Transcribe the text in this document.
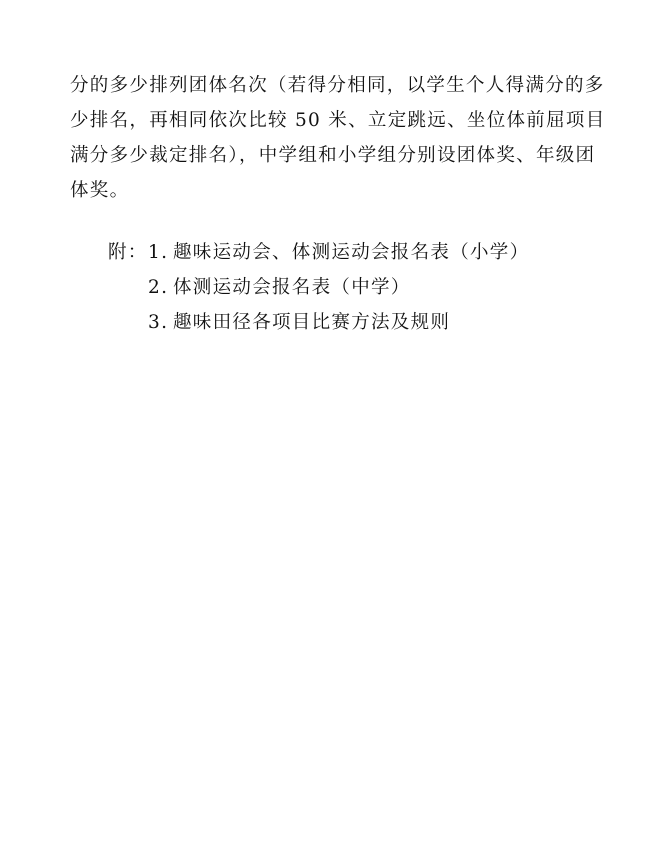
分的多少排列团体名次（若得分相同，以学生个人得满分的多
少排名，再相同依次比较 50 米、立定跳远、坐位体前屈项目
满分多少裁定排名），中学组和小学组分别设团体奖、年级团
体奖。

附： 1. 趣味运动会、体测运动会报名表（小学）
2. 体测运动会报名表（中学）
3. 趣味田径各项目比赛方法及规则
